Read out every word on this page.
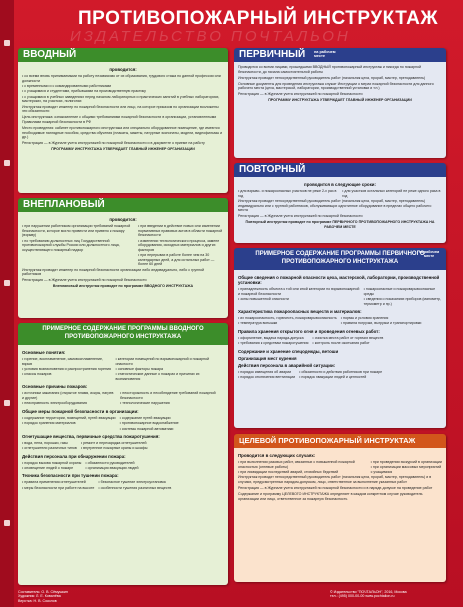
ПРОТИВОПОЖАРНЫЙ ИНСТРУКТАЖ
ИЗДАТЕЛЬСТВО ПОЧТАЛЬОН
ВВОДНЫЙ
проводится:
• со всеми вновь принимаемыми на работу независимо от их образования, трудового стажа по данной профессии или должности
• с временными и с командированными работниками
• с учащимися и студентами, прибывшими на производственную практику
• с учащимися в учебных заведениях перед началом лабораторных и практических занятий в учебных лабораториях, мастерских, на участках, полигонах

Инструктаж проводит инженер по пожарной безопасности или лицо, на которое приказом по организации возложены эти обязанности

Цель инструктажа: ознакомление с общими требованиями пожарной безопасности в организации, установленными Правилами пожарной безопасности в РФ

Место проведения: кабинет противопожарного инструктажа или специально оборудованное помещение, где имеются необходимые наглядные пособия, средства обучения (плакаты, макеты, натурные экспонаты, модели, видеофильмы и др.)

Регистрация — в Журнале учета инструктажей по пожарной безопасности и в документе о приеме на работу

ПРОГРАММУ ИНСТРУКТАЖА УТВЕРЖДАЕТ ГЛАВНЫЙ ИНЖЕНЕР ОРГАНИЗАЦИИ

ВНЕПЛАНОВЫЙ
проводится:
• при нарушении работником организации требований пожарной безопасности, которое могло привести или привело к пожару (взрыву)
• по требованию должностных лиц Государственной противопожарной службы России или должностного лица, осуществляющего пожарный надзор
• при введении в действие новых или изменении нормативных правовых актов в области пожарной безопасности
• изменении технологического процесса, замене оборудования, исходных материалов и других факторов
• при перерывах в работе более чем на 30 календарных дней, а для остальных работ — более 60 дней

Инструктаж проводит инженер по пожарной безопасности организации либо индивидуально, либо с группой работников

Регистрация — в Журнале учета инструктажей по пожарной безопасности

Внеплановый инструктаж проводят по программе ВВОДНОГО ИНСТРУКТАЖА

ПРИМЕРНОЕ СОДЕРЖАНИЕ ПРОГРАММЫ ВВОДНОГО ПРОТИВОПОЖАРНОГО ИНСТРУКТАЖА
Основные понятия:
• горение, воспламенение, самовоспламенение, взрыв
• условия возникновения и распространения горения
• классы пожаров
• категории помещений по взрывопожарной и пожарной опасности
• основные факторы пожара
• статистические данные о пожарах и причинах их возникновения
Основные причины пожаров:
• источники зажигания (открытое пламя, искры, нагрев и другие)
• неисправность электрооборудования
• неосторожность и несоблюдение требований пожарной безопасности
• технологические нарушения
Общие меры пожарной безопасности в организации:
• содержание территории, помещений, путей эвакуации
• порядок хранения материалов
• содержание путей эвакуации
• противопожарное водоснабжение
• системы пожарной автоматики
Огнетушащие вещества, первичные средства пожаротушения:
• вода, пена, порошки, газы
• огнетушители различных типов
• ремонт и перезарядка огнетушителей
• внутренние пожарные краны и шкафы
Действия персонала при обнаружении пожара:
• порядок вызова пожарной охраны
• оповещение людей о пожаре
• обязанности руководителей
• организация эвакуации людей
Техника безопасности при тушении пожара:
• правила применения огнетушителей
• меры безопасности при работе на высоте
• безопасное тушение электроустановок
• особенности тушения различных веществ
ПЕРВИЧНЫЙ на рабочем месте

Проводится со всеми лицами, прошедшими ВВОДНЫЙ противопожарный инструктаж и никогда по пожарной безопасности, до начала самостоятельной работы

Инструктаж проводит непосредственный руководитель работ (начальник цеха, прораб, мастер, преподаватель)

Основные документы для проведения инструктажа служат Инструкции о мерах пожарной безопасности для данного рабочего места (цеха, мастерской, лаборатории, производственной установки и т.п.)

Регистрация — в Журнале учета инструктажей по пожарной безопасности

ПРОГРАММУ ИНСТРУКТАЖА УТВЕРЖДАЕТ ГЛАВНЫЙ ИНЖЕНЕР ОРГАНИЗАЦИИ

ПОВТОРНЫЙ
проводится в следующие сроки:
• для взрыво- и пожароопасных участков не реже 2-х раз в год
• для участков остальных категорий не реже одного раза в год

Инструктаж проводит непосредственный руководитель работ (начальник цеха, прораб, мастер, преподаватель) индивидуально или с группой работников, обслуживающих однотипное оборудование в пределах общего рабочего места

Регистрация — в Журнале учета инструктажей по пожарной безопасности

Повторный инструктаж проводят по программе ПЕРВИЧНОГО ПРОТИВОПОЖАРНОГО ИНСТРУКТАЖА НА РАБОЧЕМ МЕСТЕ

ПРИМЕРНОЕ СОДЕРЖАНИЕ ПРОГРАММЫ ПЕРВИЧНОГО ПРОТИВОПОЖАРНОГО ИНСТРУКТАЖА
на рабочем месте
Общие сведения о пожарной опасности цеха, мастерской, лаборатории, производственной установки:
• принадлежность объекта к той или иной категории по взрывопожарной и пожарной безопасности
• зоны повышенной опасности
• пожароопасные и пожаровзрывоопасные среды
• сведения о показаниях приборов (манометр, термометр и пр.)
Характеристика пожароопасных веществ и материалов:
• их пожароопасность, горючесть, пожаровзрывоопасность
• температура вспышки
• нормы и условия хранения
• правила погрузки, выгрузки и транспортировки
Правила хранения открытого огня и проведения огневых работ:
• оформление, выдача наряда-допуска
• требования к средствам пожаротушения
• очистка места работ от горючих веществ
• контроль после окончания работ
Содержание и хранение спецодежды, ветоши
Организация мест курения
Действия персонала в аварийной ситуации:
• порядок извещения об аварии
• порядок отключения вентиляции
• обязанности и действия работников при пожаре
• порядок эвакуации людей и ценностей
ЦЕЛЕВОЙ ПРОТИВОПОЖАРНЫЙ ИНСТРУКТАЖ
Проводится в следующих случаях:
• при выполнении разовых работ, связанных с повышенной пожарной опасностью (огневые работы)
• при ликвидации последствий аварий, стихийных бедствий
• при проведении экскурсий в организации
• при организации массовых мероприятий с учащимися

Инструктаж проводит непосредственный руководитель работ (начальник цеха, прораб, мастер, преподаватель) и в случаях, предусмотренных нарядом-допуском, лицо, ответственное за выполнение указанных работ

Регистрация — в Журнале учета инструктажей по пожарной безопасности и в наряде-допуске на проведение работ

Содержание и программу ЦЕЛЕВОГО ИНСТРУКТАЖА определяет в каждом конкретном случае руководитель организации или лицо, ответственное за пожарную безопасность

Составитель: О. В. Сёмушкин
Художник: Л. Е. Ковалёва
Верстка: Н. В. Соколов
© Издательство "ПОЧТАЛЬОН", 2016, Москва
тел.: (495) 000-00-00 www.pochtalion.ru
